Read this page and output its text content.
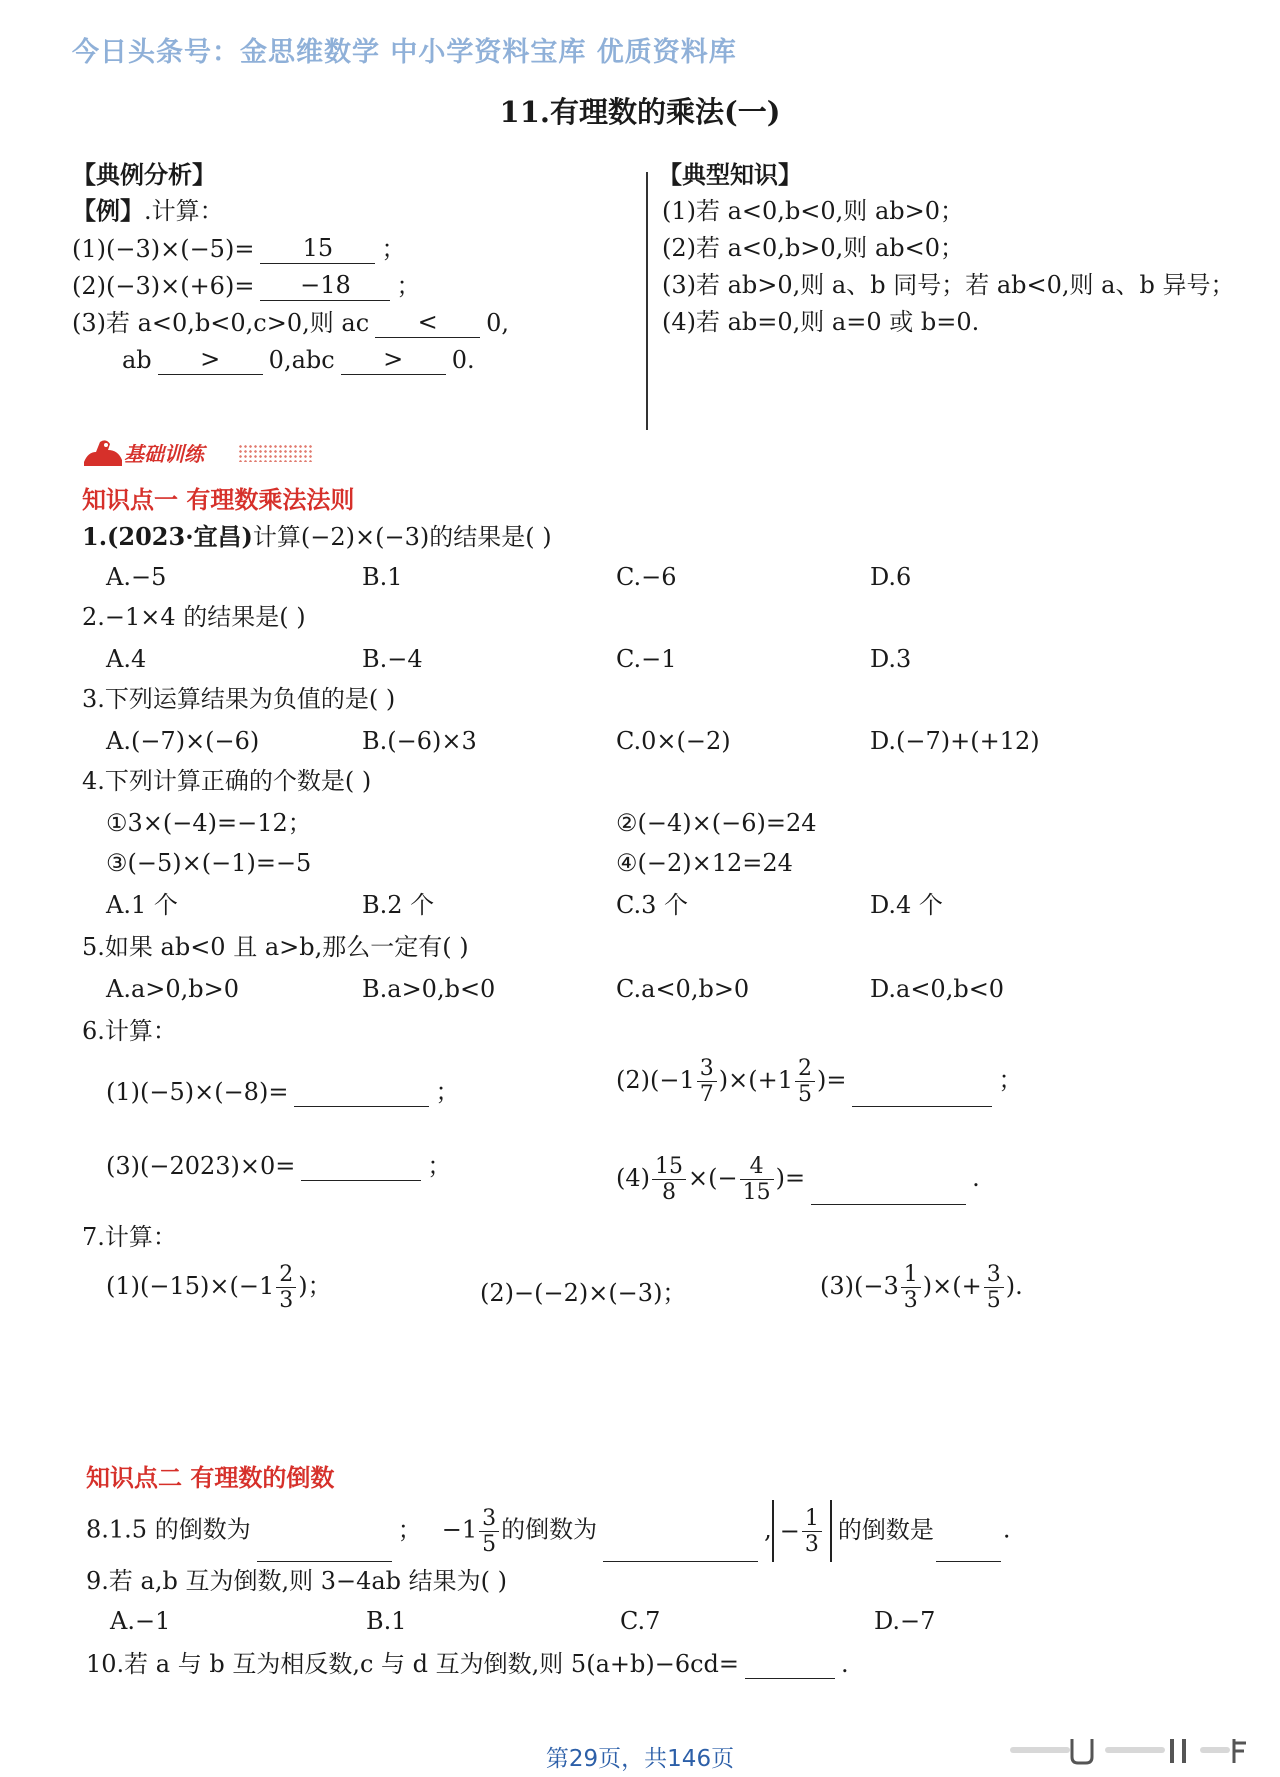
今日头条号：金思维数学 中小学资料宝库 优质资料库
11.有理数的乘法(一)
【典例分析】
【例】.计算：
(1)(−3)×(−5)= 15 ；
(2)(−3)×(+6)= −18 ；
(3)若 a<0,b<0,c>0,则 ac < 0,
ab > 0,abc > 0.
【典型知识】
(1)若 a<0,b<0,则 ab>0；
(2)若 a<0,b>0,则 ab<0；
(3)若 ab>0,则 a、b 同号；若 ab<0,则 a、b 异号；
(4)若 ab=0,则 a=0 或 b=0.
基础训练
知识点一 有理数乘法法则
1.(2023·宜昌)计算(−2)×(−3)的结果是( )
A.−5	B.1	C.−6	D.6
2.−1×4 的结果是( )
A.4	B.−4	C.−1	D.3
3.下列运算结果为负值的是( )
A.(−7)×(−6)	B.(−6)×3	C.0×(−2)	D.(−7)+(+12)
4.下列计算正确的个数是( )
①3×(−4)=−12；	②(−4)×(−6)=24
③(−5)×(−1)=−5	④(−2)×12=24
A.1 个	B.2 个	C.3 个	D.4 个
5.如果 ab<0 且 a>b,那么一定有( )
A.a>0,b>0	B.a>0,b<0	C.a<0,b>0	D.a<0,b<0
6.计算：
(1)(−5)×(−8)=	；	$(2)(-1 \frac{3}{7} )\times(+1 \frac{2}{5}$ )=	；
(3)(−2023)×0=	；	$(4) \frac{15}{8}$ ×(− $\frac{4}{15}$ )=	.
7.计算：
$(1)(-15)\times(-1 \frac{2}{3}$ )；	(2)−(−2)×(−3)；	$(3)(-3 \frac{1}{3}$ )×(+ $\frac{3}{5}$ ).
知识点二 有理数的倒数
8.1.5 的倒数为	； $-1 \frac{3}{5}$ 的倒数为	, − $\frac{1}{3}$ 的倒数是	.
9.若 a,b 互为倒数,则 3−4ab 结果为( )
A.−1	B.1	C.7	D.−7
10.若 a 与 b 互为相反数,c 与 d 互为倒数,则 5(a+b)−6cd=	.
第29页，共146页
